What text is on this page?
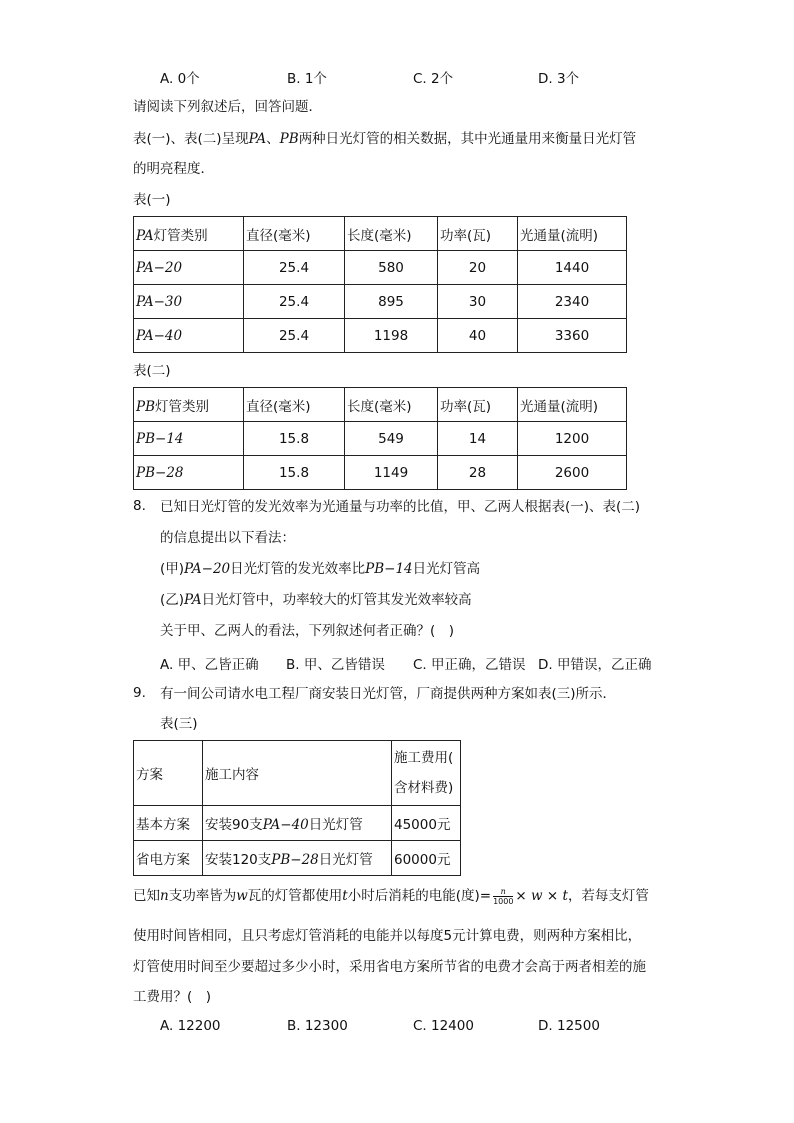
A. 0个	B. 1个	C. 2个	D. 3个
请阅读下列叙述后，回答问题．
表(一)、表(二)呈现PA、PB两种日光灯管的相关数据，其中光通量用来衡量日光灯管
的明亮程度．
表(一)
PA灯管类别	直径(毫米)	长度(毫米)	功率(瓦)	光通量(流明)
PA−20	25.4	580	20	1440
PA−30	25.4	895	30	2340
PA−40	25.4	1198	40	3360
表(二)
PB灯管类别	直径(毫米)	长度(毫米)	功率(瓦)	光通量(流明)
PB−14	15.8	549	14	1200
PB−28	15.8	1149	28	2600
8. 已知日光灯管的发光效率为光通量与功率的比值，甲、乙两人根据表(一)、表(二)
的信息提出以下看法：
(甲)PA−20日光灯管的发光效率比PB−14日光灯管高
(乙)PA日光灯管中，功率较大的灯管其发光效率较高
关于甲、乙两人的看法，下列叙述何者正确？(　)
A. 甲、乙皆正确 B. 甲、乙皆错误 C. 甲正确，乙错误 D. 甲错误，乙正确
9. 有一间公司请水电工程厂商安装日光灯管，厂商提供两种方案如表(三)所示．
表(三)
方案	施工内容	施工费用(
含材料费)
基本方案	安装90支PA−40日光灯管	45000元
省电方案	安装120支PB−28日光灯管	60000元
已知n支功率皆为w瓦的灯管都使用t小时后消耗的电能(度)= $\frac{n}{1000} \times w \times t$，若每支灯管
使用时间皆相同，且只考虑灯管消耗的电能并以每度5元计算电费，则两种方案相比，
灯管使用时间至少要超过多少小时，采用省电方案所节省的电费才会高于两者相差的施
工费用？(　)
A. 12200	B. 12300	C. 12400	D. 12500
